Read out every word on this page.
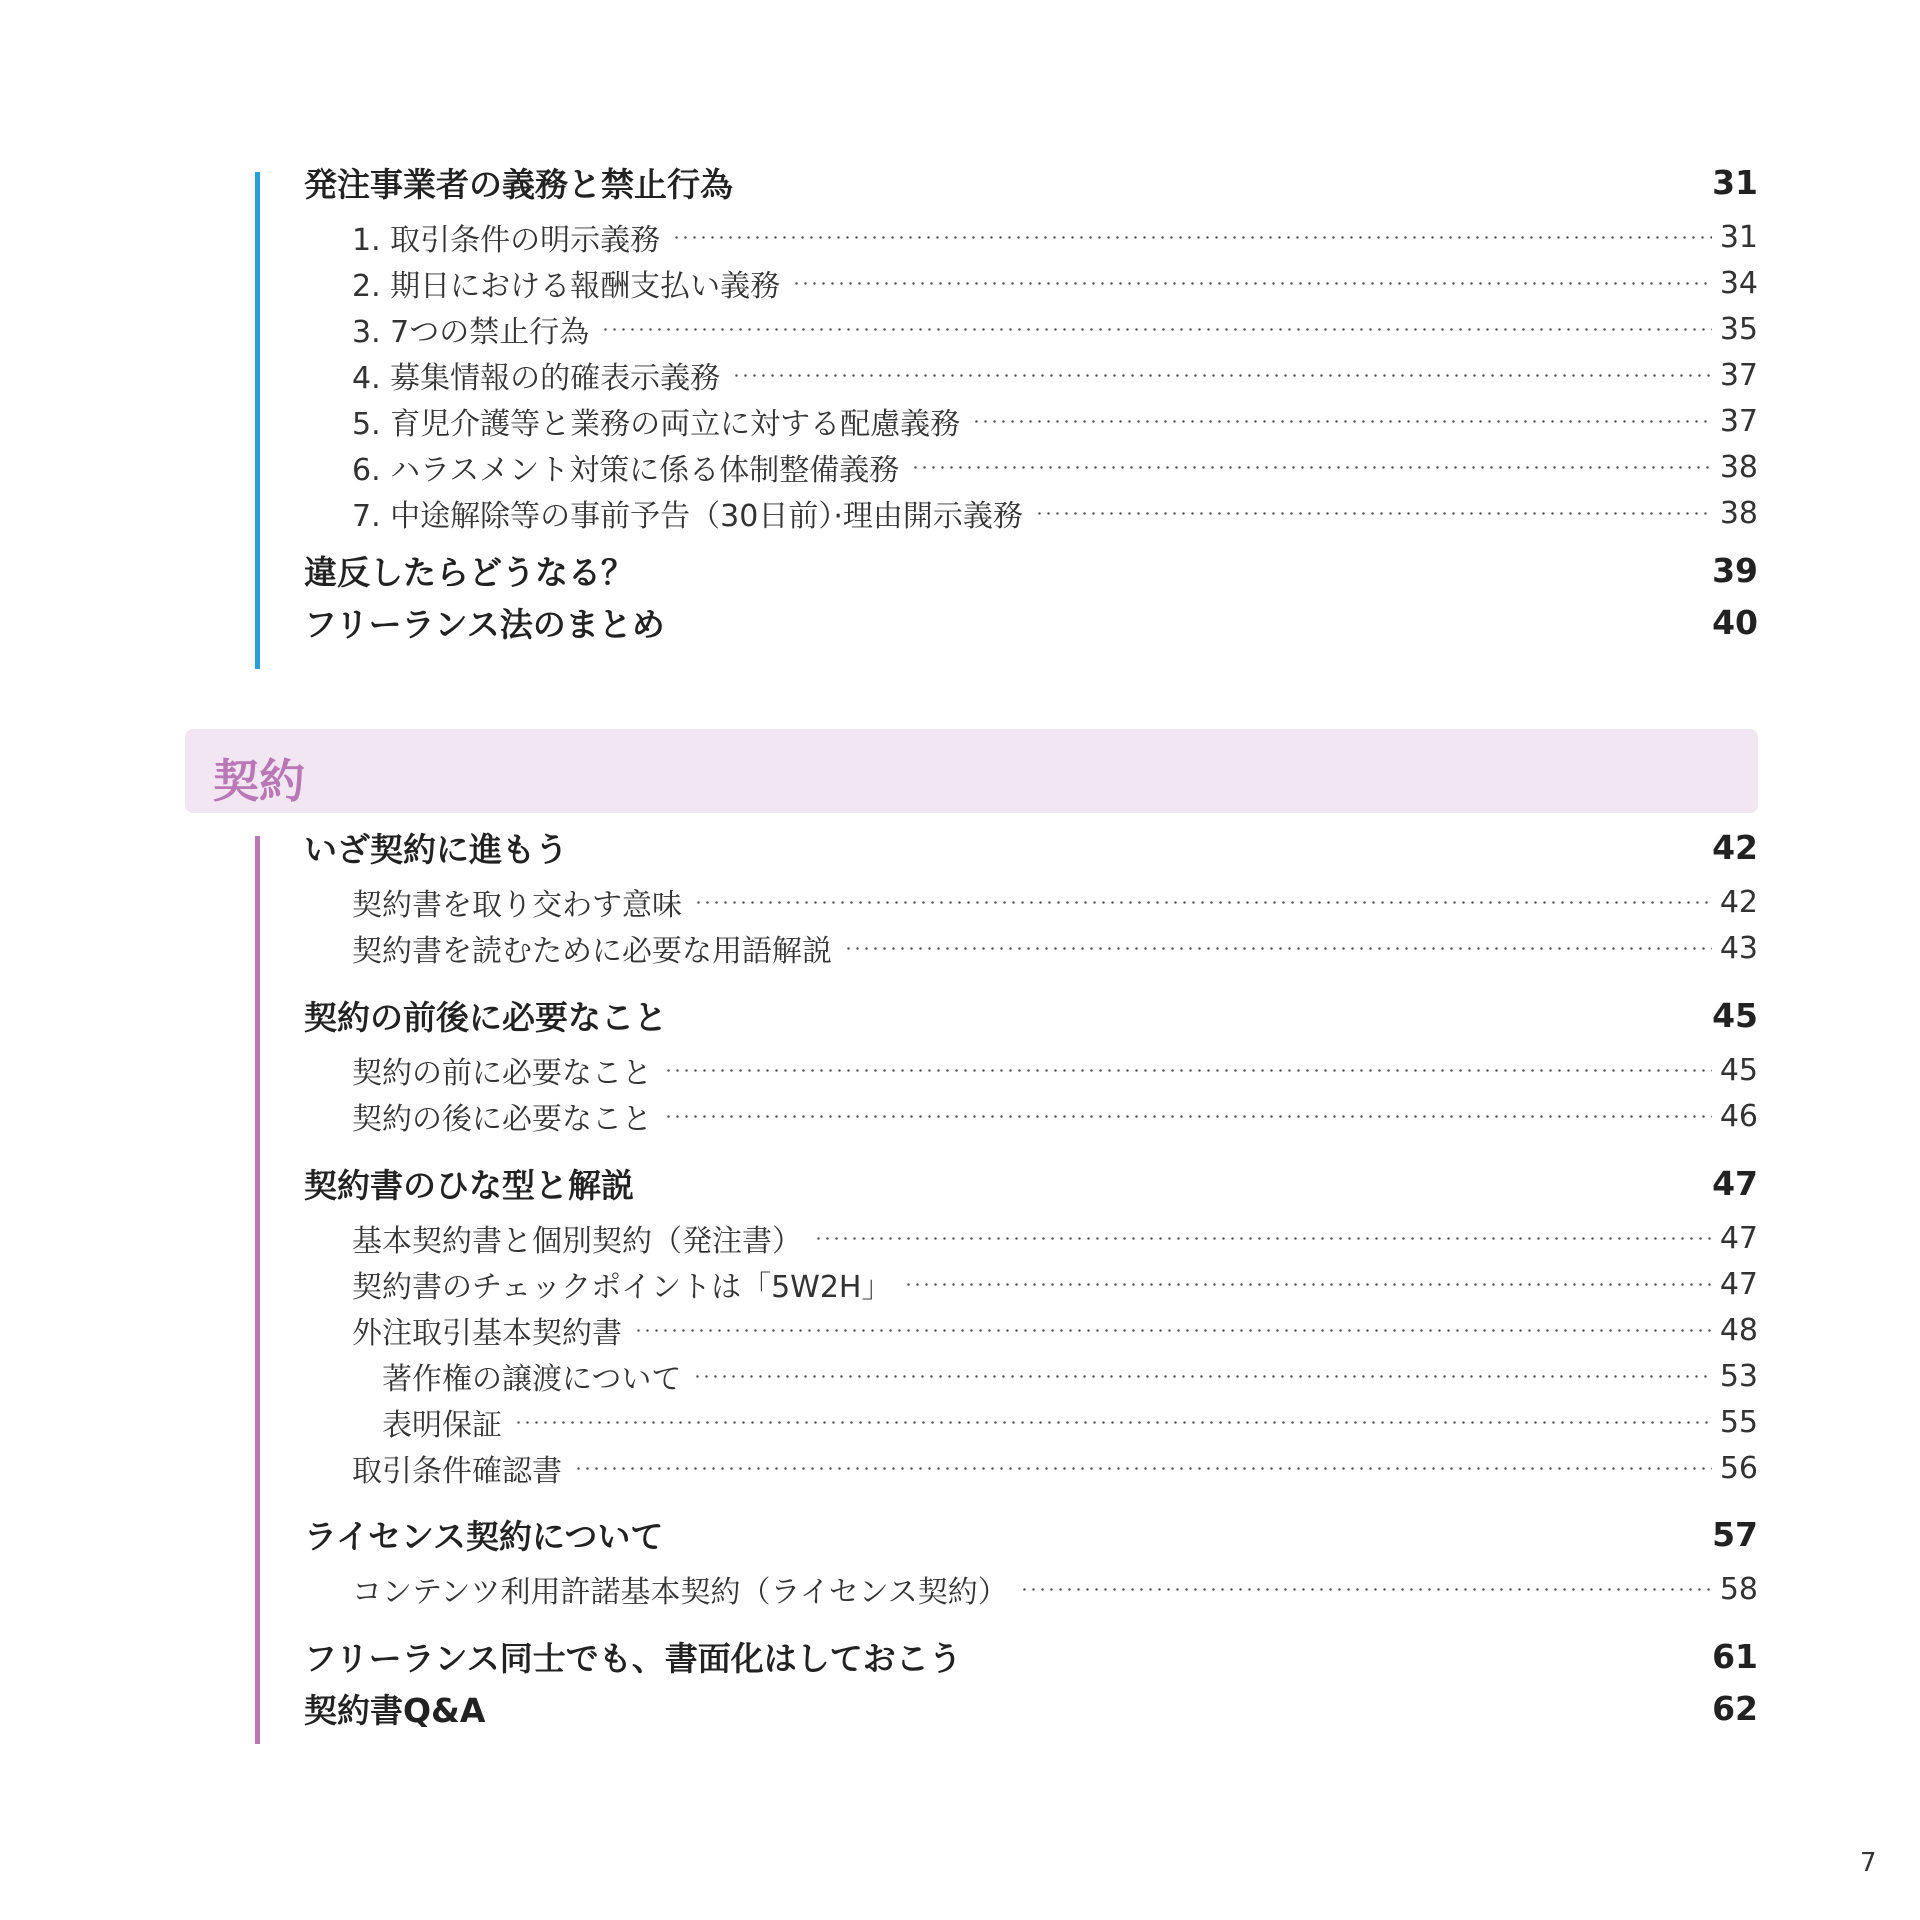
発注事業者の義務と禁止行為	31
1. 取引条件の明示義務	31
2. 期日における報酬支払い義務	34
3. 7つの禁止行為	35
4. 募集情報の的確表示義務	37
5. 育児介護等と業務の両立に対する配慮義務	37
6. ハラスメント対策に係る体制整備義務	38
7. 中途解除等の事前予告（30日前）·理由開示義務	38
違反したらどうなる？	39
フリーランス法のまとめ	40
契約
いざ契約に進もう	42
契約書を取り交わす意味	42
契約書を読むために必要な用語解説	43
契約の前後に必要なこと	45
契約の前に必要なこと	45
契約の後に必要なこと	46
契約書のひな型と解説	47
基本契約書と個別契約（発注書）	47
契約書のチェックポイントは「5W2H」	47
外注取引基本契約書	48
著作権の譲渡について	53
表明保証	55
取引条件確認書	56
ライセンス契約について	57
コンテンツ利用許諾基本契約（ライセンス契約）	58
フリーランス同士でも、書面化はしておこう	61
契約書Q&A	62
7
